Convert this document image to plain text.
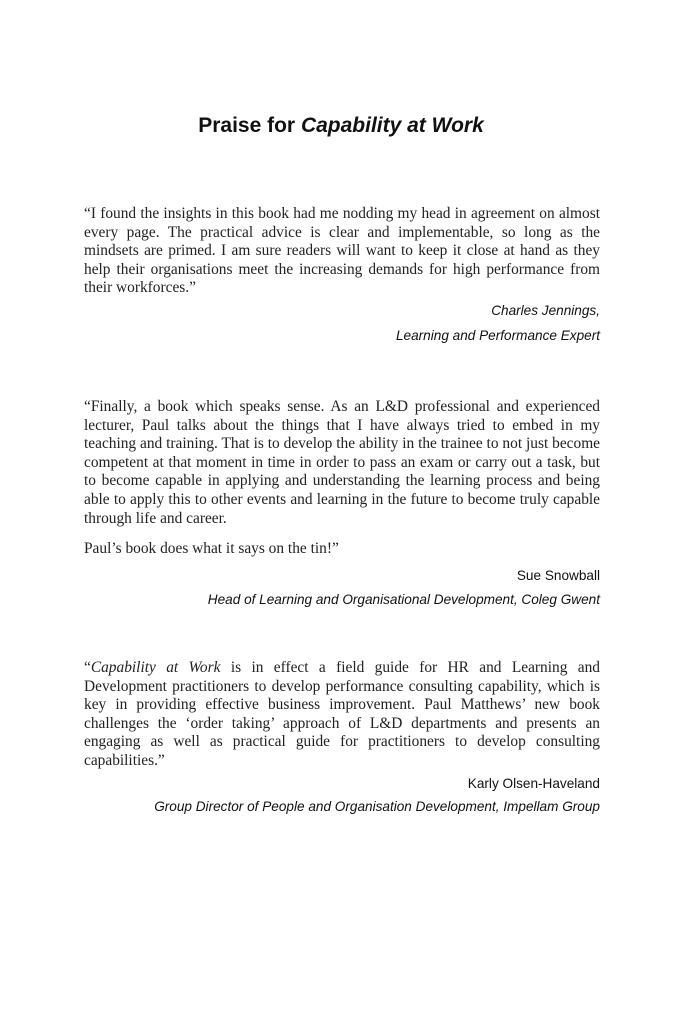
Praise for Capability at Work

“I found the insights in this book had me nodding my head in agreement on almost every page. The practical advice is clear and implementable, so long as the mindsets are primed. I am sure readers will want to keep it close at hand as they help their organisations meet the increasing demands for high performance from their workforces.”

Charles Jennings,
Learning and Performance Expert

“Finally, a book which speaks sense. As an L&D professional and experienced lecturer, Paul talks about the things that I have always tried to embed in my teaching and training. That is to develop the ability in the trainee to not just become competent at that moment in time in order to pass an exam or carry out a task, but to become capable in applying and understanding the learning process and being able to apply this to other events and learning in the future to become truly capable through life and career.

Paul’s book does what it says on the tin!”

Sue Snowball
Head of Learning and Organisational Development, Coleg Gwent

“Capability at Work is in effect a field guide for HR and Learning and Development practitioners to develop performance consulting capability, which is key in providing effective business improvement. Paul Matthews’ new book challenges the ‘order taking’ approach of L&D departments and presents an engaging as well as practical guide for practitioners to develop consulting capabilities.”

Karly Olsen-Haveland
Group Director of People and Organisation Development, Impellam Group
